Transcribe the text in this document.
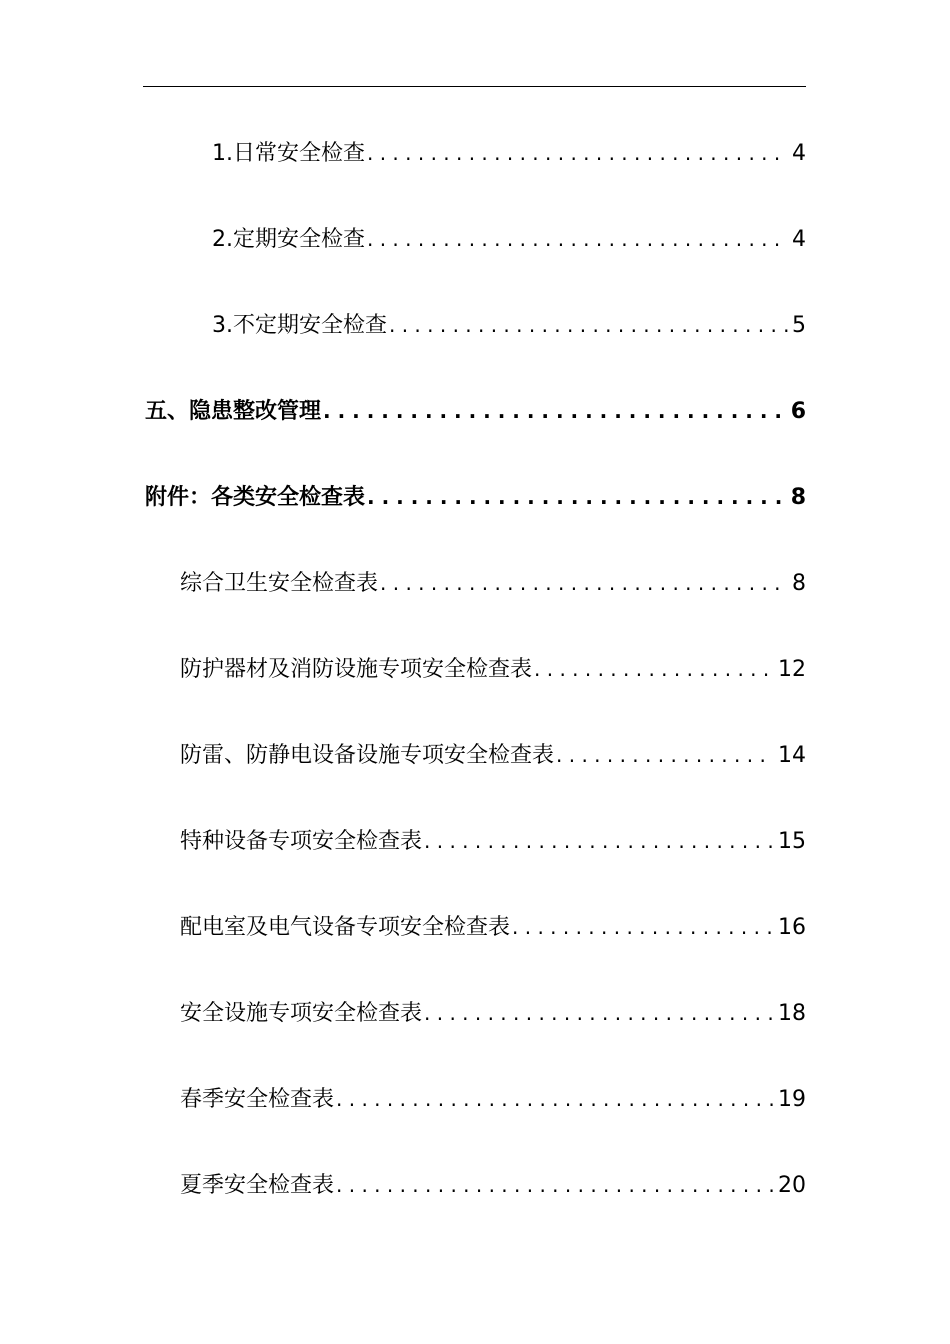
1.日常安全检查 . . .	4
2.定期安全检查 . . .	4
3.不定期安全检查 . . .	5
五、隐患整改管理 . . .	6
附件：各类安全检查表 . . .	8
综合卫生安全检查表 . . .	8
防护器材及消防设施专项安全检查表 . . .	12
防雷、防静电设备设施专项安全检查表 . . .	14
特种设备专项安全检查表 . . .	15
配电室及电气设备专项安全检查表 . . .	16
安全设施专项安全检查表 . . .	18
春季安全检查表 . . .	19
夏季安全检查表 . . .	20
